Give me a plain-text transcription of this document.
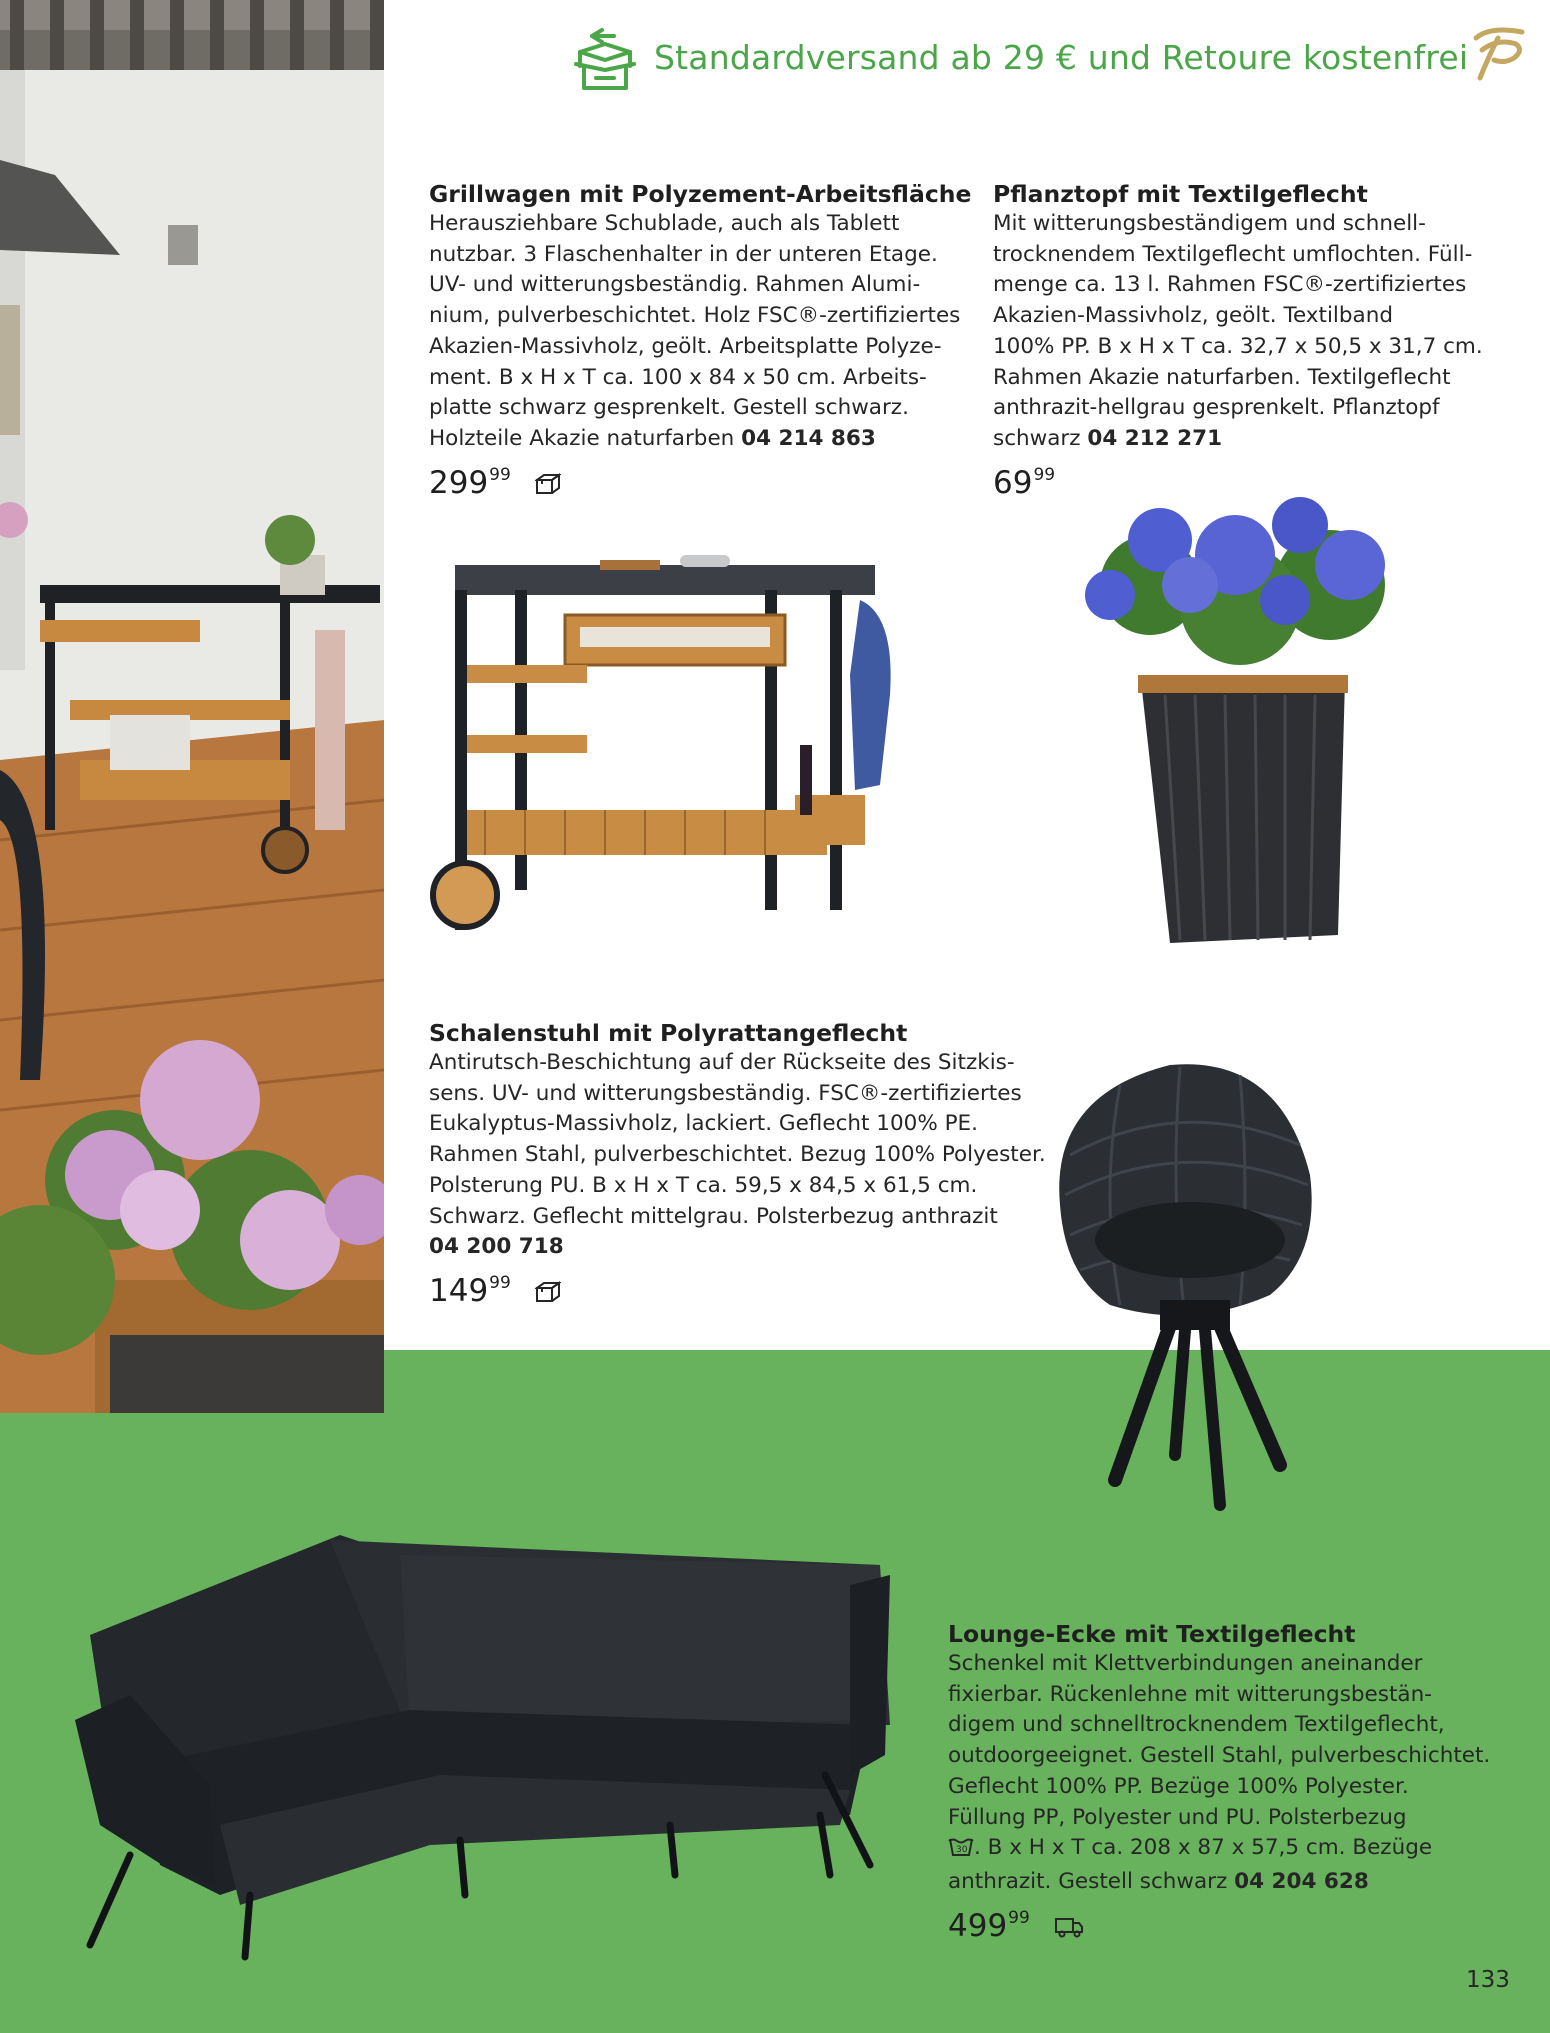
Standardversand ab 29 € und Retoure kostenfrei
Grillwagen mit Polyzement-Arbeitsfläche
Herausziehbare Schublade, auch als Tablett
nutzbar. 3 Flaschenhalter in der unteren Etage.
UV- und witterungsbeständig. Rahmen Alumi-
nium, pulverbeschichtet. Holz FSC®-zertifiziertes
Akazien-Massivholz, geölt. Arbeitsplatte Polyze-
ment. B x H x T ca. 100 x 84 x 50 cm. Arbeits-
platte schwarz gesprenkelt. Gestell schwarz.
Holzteile Akazie naturfarben 04 214 863
$299^{99}$
Pflanztopf mit Textilgeflecht
Mit witterungsbeständigem und schnell-
trocknendem Textilgeflecht umflochten. Füll-
menge ca. 13 l. Rahmen FSC®-zertifiziertes
Akazien-Massivholz, geölt. Textilband
100% PP. B x H x T ca. 32,7 x 50,5 x 31,7 cm.
Rahmen Akazie naturfarben. Textilgeflecht
anthrazit-hellgrau gesprenkelt. Pflanztopf
schwarz 04 212 271
$69^{99}$
Schalenstuhl mit Polyrattangeflecht
Antirutsch-Beschichtung auf der Rückseite des Sitzkis-
sens. UV- und witterungsbeständig. FSC®-zertifiziertes
Eukalyptus-Massivholz, lackiert. Geflecht 100% PE.
Rahmen Stahl, pulverbeschichtet. Bezug 100% Polyester.
Polsterung PU. B x H x T ca. 59,5 x 84,5 x 61,5 cm.
Schwarz. Geflecht mittelgrau. Polsterbezug anthrazit
04 200 718
$149^{99}$
Lounge-Ecke mit Textilgeflecht
Schenkel mit Klettverbindungen aneinander
fixierbar. Rückenlehne mit witterungsbestän-
digem und schnelltrocknendem Textilgeflecht,
outdoorgeeignet. Gestell Stahl, pulverbeschichtet.
Geflecht 100% PP. Bezüge 100% Polyester.
Füllung PP, Polyester und PU. Polsterbezug
30 . B x H x T ca. 208 x 87 x 57,5 cm. Bezüge
anthrazit. Gestell schwarz 04 204 628
$499^{99}$
133
